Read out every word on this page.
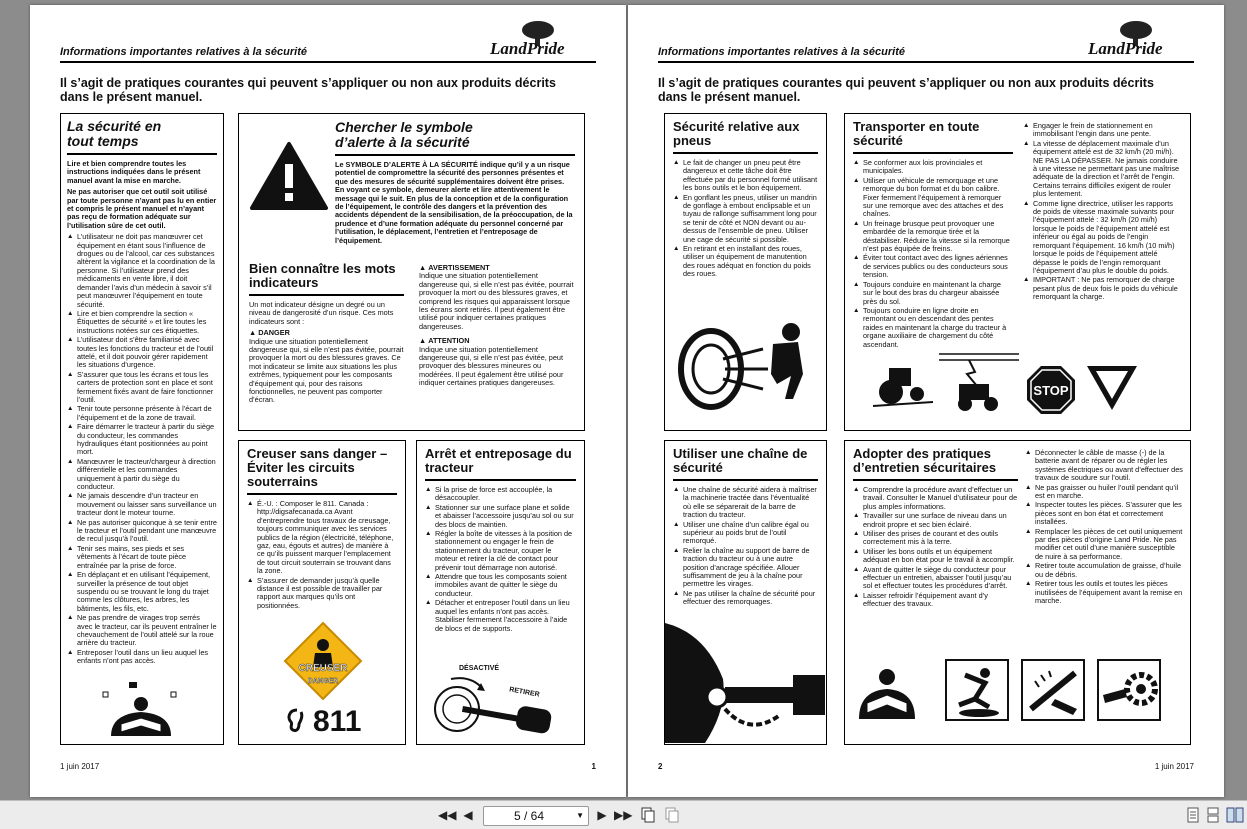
Informations importantes relatives à la sécurité	LandPride
Il s’agit de pratiques courantes qui peuvent s’appliquer ou non aux produits décrits dans le présent manuel.
La sécurité en tout temps

Lire et bien comprendre toutes les instructions indiquées dans le présent manuel avant la mise en marche.

Ne pas autoriser que cet outil soit utilisé par toute personne n’ayant pas lu en entier et compris le présent manuel et n’ayant pas reçu de formation adéquate sur l’utilisation sûre de cet outil.

▲ L’utilisateur ne doit pas manœuvrer cet équipement en étant sous l’influence de drogues ou de l’alcool, car ces substances altèrent la vigilance et la coordination de la personne. Si l’utilisateur prend des médicaments en vente libre, il doit demander l’avis d’un médecin à savoir s’il peut manœuvrer l’équipement en toute sécurité.
▲ Lire et bien comprendre la section « Étiquettes de sécurité » et lire toutes les instructions notées sur ces étiquettes.
▲ L’utilisateur doit s’être familiarisé avec toutes les fonctions du tracteur et de l’outil attelé, et il doit pouvoir gérer rapidement les situations d’urgence.
▲ S’assurer que tous les écrans et tous les carters de protection sont en place et sont fermement fixés avant de faire fonctionner l’outil.
▲ Tenir toute personne présente à l’écart de l’équipement et de la zone de travail.
▲ Faire démarrer le tracteur à partir du siège du conducteur, les commandes hydrauliques étant positionnées au point mort.
▲ Manœuvrer le tracteur/chargeur à direction différentielle et les commandes uniquement à partir du siège du conducteur.
▲ Ne jamais descendre d’un tracteur en mouvement ou laisser sans surveillance un tracteur dont le moteur tourne.
▲ Ne pas autoriser quiconque à se tenir entre le tracteur et l’outil pendant une manœuvre de recul jusqu’à l’outil.
▲ Tenir ses mains, ses pieds et ses vêtements à l’écart de toute pièce entraînée par la prise de force.
▲ En déplaçant et en utilisant l’équipement, surveiller la présence de tout objet suspendu ou se trouvant le long du trajet comme les clôtures, les arbres, les bâtiments, les fils, etc.
▲ Ne pas prendre de virages trop serrés avec le tracteur, car ils peuvent entraîner le chevauchement de l’outil attelé sur la roue arrière du tracteur.
▲ Entreposer l’outil dans un lieu auquel les enfants n’ont pas accès.
Chercher le symbole d’alerte à la sécurité
Le SYMBOLE D’ALERTE À LA SÉCURITÉ indique qu’il y a un risque potentiel de compromettre la sécurité des personnes présentes et que des mesures de sécurité supplémentaires doivent être prises. En voyant ce symbole, demeurer alerte et lire attentivement le message qui le suit. En plus de la conception et de la configuration de l’équipement, le contrôle des dangers et la prévention des accidents dépendent de la sensibilisation, de la préoccupation, de la prudence et d’une formation adéquate du personnel concerné par l’utilisation, le déplacement, l’entretien et l’entreposage de l’équipement.
Bien connaître les mots indicateurs

Un mot indicateur désigne un degré ou un niveau de dangerosité d’un risque. Ces mots indicateurs sont :

▲ DANGER

Indique une situation potentiellement dangereuse qui, si elle n’est pas évitée, pourrait provoquer la mort ou des blessures graves. Ce mot indicateur se limite aux situations les plus extrêmes, typiquement pour les composants d’équipement qui, pour des raisons fonctionnelles, ne peuvent pas comporter d’écran.

▲ AVERTISSEMENT

Indique une situation potentiellement dangereuse qui, si elle n’est pas évitée, pourrait provoquer la mort ou des blessures graves, et comprend les risques qui apparaissent lorsque les écrans sont retirés. Il peut également être utilisé pour indiquer certaines pratiques dangereuses.

▲ ATTENTION

Indique une situation potentiellement dangereuse qui, si elle n’est pas évitée, peut provoquer des blessures mineures ou modérées. Il peut également être utilisé pour indiquer certaines pratiques dangereuses.

Creuser sans danger – Éviter les circuits souterrains
▲ É.-U. : Composer le 811. Canada : http://digsafecanada.ca Avant d’entreprendre tous travaux de creusage, toujours communiquer avec les services publics de la région (électricité, téléphone, gaz, eau, égouts et autres) de manière à ce qu’ils puissent marquer l’emplacement de tout circuit souterrain se trouvant dans la zone.
▲ S’assurer de demander jusqu’à quelle distance il est possible de travailler par rapport aux marques qu’ils ont positionnées.
CREUSER
DANGER
811
Arrêt et entreposage du tracteur
▲ Si la prise de force est accouplée, la désaccoupler.
▲ Stationner sur une surface plane et solide et abaisser l’accessoire jusqu’au sol ou sur des blocs de maintien.
▲ Régler la boîte de vitesses à la position de stationnement ou engager le frein de stationnement du tracteur, couper le moteur et retirer la clé de contact pour prévenir tout démarrage non autorisé.
▲ Attendre que tous les composants soient immobiles avant de quitter le siège du conducteur.
▲ Détacher et entreposer l’outil dans un lieu auquel les enfants n’ont pas accès. Stabiliser fermement l’accessoire à l’aide de blocs et de supports.
DÉSACTIVÉ
RETIRER
1 juin 2017	1
Informations importantes relatives à la sécurité	LandPride
Il s’agit de pratiques courantes qui peuvent s’appliquer ou non aux produits décrits dans le présent manuel.
Sécurité relative aux pneus
▲ Le fait de changer un pneu peut être dangereux et cette tâche doit être effectuée par du personnel formé utilisant les bons outils et le bon équipement.
▲ En gonflant les pneus, utiliser un mandrin de gonflage à embout enclipsable et un tuyau de rallonge suffisamment long pour se tenir de côté et NON devant ou au-dessus de l’ensemble de pneu. Utiliser une cage de sécurité si possible.
▲ En retirant et en installant des roues, utiliser un équipement de manutention des roues adéquat en fonction du poids des roues.
Transporter en toute sécurité
▲ Se conformer aux lois provinciales et municipales.
▲ Utiliser un véhicule de remorquage et une remorque du bon format et du bon calibre. Fixer fermement l’équipement à remorquer sur une remorque avec des attaches et des chaînes.
▲ Un freinage brusque peut provoquer une embardée de la remorque tirée et la déstabiliser. Réduire la vitesse si la remorque n’est pas équipée de freins.
▲ Éviter tout contact avec des lignes aériennes de services publics ou des conducteurs sous tension.
▲ Toujours conduire en maintenant la charge sur le bout des bras du chargeur abaissée près du sol.
▲ Toujours conduire en ligne droite en remontant ou en descendant des pentes raides en maintenant la charge du tracteur à organe auxiliaire de chargement du côté ascendant.
▲ Engager le frein de stationnement en immobilisant l’engin dans une pente.
▲ La vitesse de déplacement maximale d’un équipement attelé est de 32 km/h (20 mi/h). NE PAS LA DÉPASSER. Ne jamais conduire à une vitesse ne permettant pas une maîtrise adéquate de la direction et l’arrêt de l’engin. Certains terrains difficiles exigent de rouler plus lentement.
▲ Comme ligne directrice, utiliser les rapports de poids de vitesse maximale suivants pour l’équipement attelé : 32 km/h (20 mi/h) lorsque le poids de l’équipement attelé est inférieur ou égal au poids de l’engin remorquant l’équipement. 16 km/h (10 mi/h) lorsque le poids de l’équipement attelé dépasse le poids de l’engin remorquant l’équipement d’au plus le double du poids.
▲ IMPORTANT : Ne pas remorquer de charge pesant plus de deux fois le poids du véhicule remorquant la charge.
STOP
Utiliser une chaîne de sécurité
▲ Une chaîne de sécurité aidera à maîtriser la machinerie tractée dans l’éventualité où elle se séparerait de la barre de traction du tracteur.
▲ Utiliser une chaîne d’un calibre égal ou supérieur au poids brut de l’outil remorqué.
▲ Relier la chaîne au support de barre de traction du tracteur ou à une autre position d’ancrage spécifiée. Allouer suffisamment de jeu à la chaîne pour permettre les virages.
▲ Ne pas utiliser la chaîne de sécurité pour effectuer des remorquages.
Adopter des pratiques d’entretien sécuritaires
▲ Comprendre la procédure avant d’effectuer un travail. Consulter le Manuel d’utilisateur pour de plus amples informations.
▲ Travailler sur une surface de niveau dans un endroit propre et sec bien éclairé.
▲ Utiliser des prises de courant et des outils correctement mis à la terre.
▲ Utiliser les bons outils et un équipement adéquat en bon état pour le travail à accomplir.
▲ Avant de quitter le siège du conducteur pour effectuer un entretien, abaisser l’outil jusqu’au sol et effectuer toutes les procédures d’arrêt.
▲ Laisser refroidir l’équipement avant d’y effectuer des travaux.
▲ Déconnecter le câble de masse (-) de la batterie avant de réparer ou de régler les systèmes électriques ou avant d’effectuer des travaux de soudure sur l’outil.
▲ Ne pas graisser ou huiler l’outil pendant qu’il est en marche.
▲ Inspecter toutes les pièces. S’assurer que les pièces sont en bon état et correctement installées.
▲ Remplacer les pièces de cet outil uniquement par des pièces d’origine Land Pride. Ne pas modifier cet outil d’une manière susceptible de nuire à sa performance.
▲ Retirer toute accumulation de graisse, d’huile ou de débris.
▲ Retirer tous les outils et toutes les pièces inutilisées de l’équipement avant la remise en marche.
2	1 juin 2017
◀◀ ◀	5 / 64	▼ ▶ ▶▶
